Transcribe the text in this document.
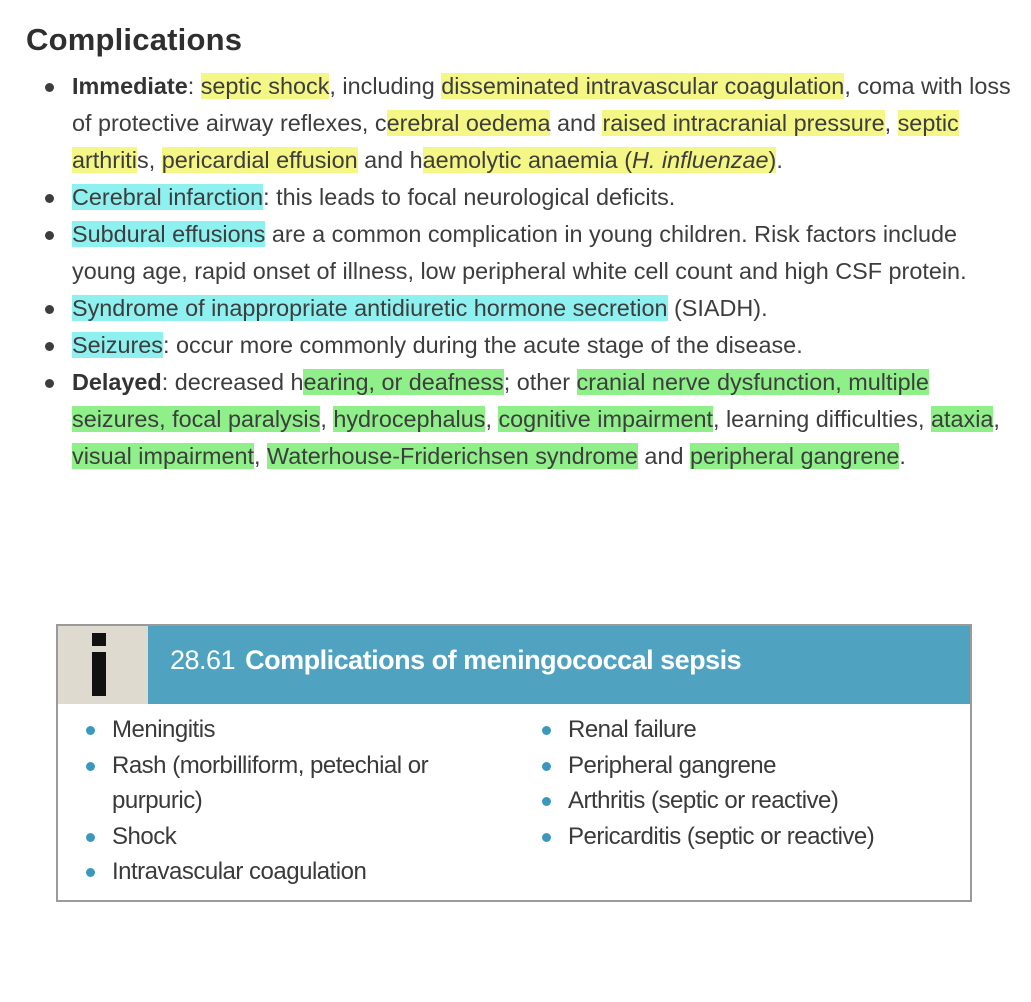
Complications
Immediate: septic shock, including disseminated intravascular coagulation, coma with loss of protective airway reflexes, cerebral oedema and raised intracranial pressure, septic arthritis, pericardial effusion and haemolytic anaemia (H. influenzae).
Cerebral infarction: this leads to focal neurological deficits.
Subdural effusions are a common complication in young children. Risk factors include young age, rapid onset of illness, low peripheral white cell count and high CSF protein.
Syndrome of inappropriate antidiuretic hormone secretion (SIADH).
Seizures: occur more commonly during the acute stage of the disease.
Delayed: decreased hearing, or deafness; other cranial nerve dysfunction, multiple seizures, focal paralysis, hydrocephalus, cognitive impairment, learning difficulties, ataxia, visual impairment, Waterhouse-Friderichsen syndrome and peripheral gangrene.
28.61 Complications of meningococcal sepsis
Meningitis
Rash (morbilliform, petechial or purpuric)
Shock
Intravascular coagulation
Renal failure
Peripheral gangrene
Arthritis (septic or reactive)
Pericarditis (septic or reactive)
